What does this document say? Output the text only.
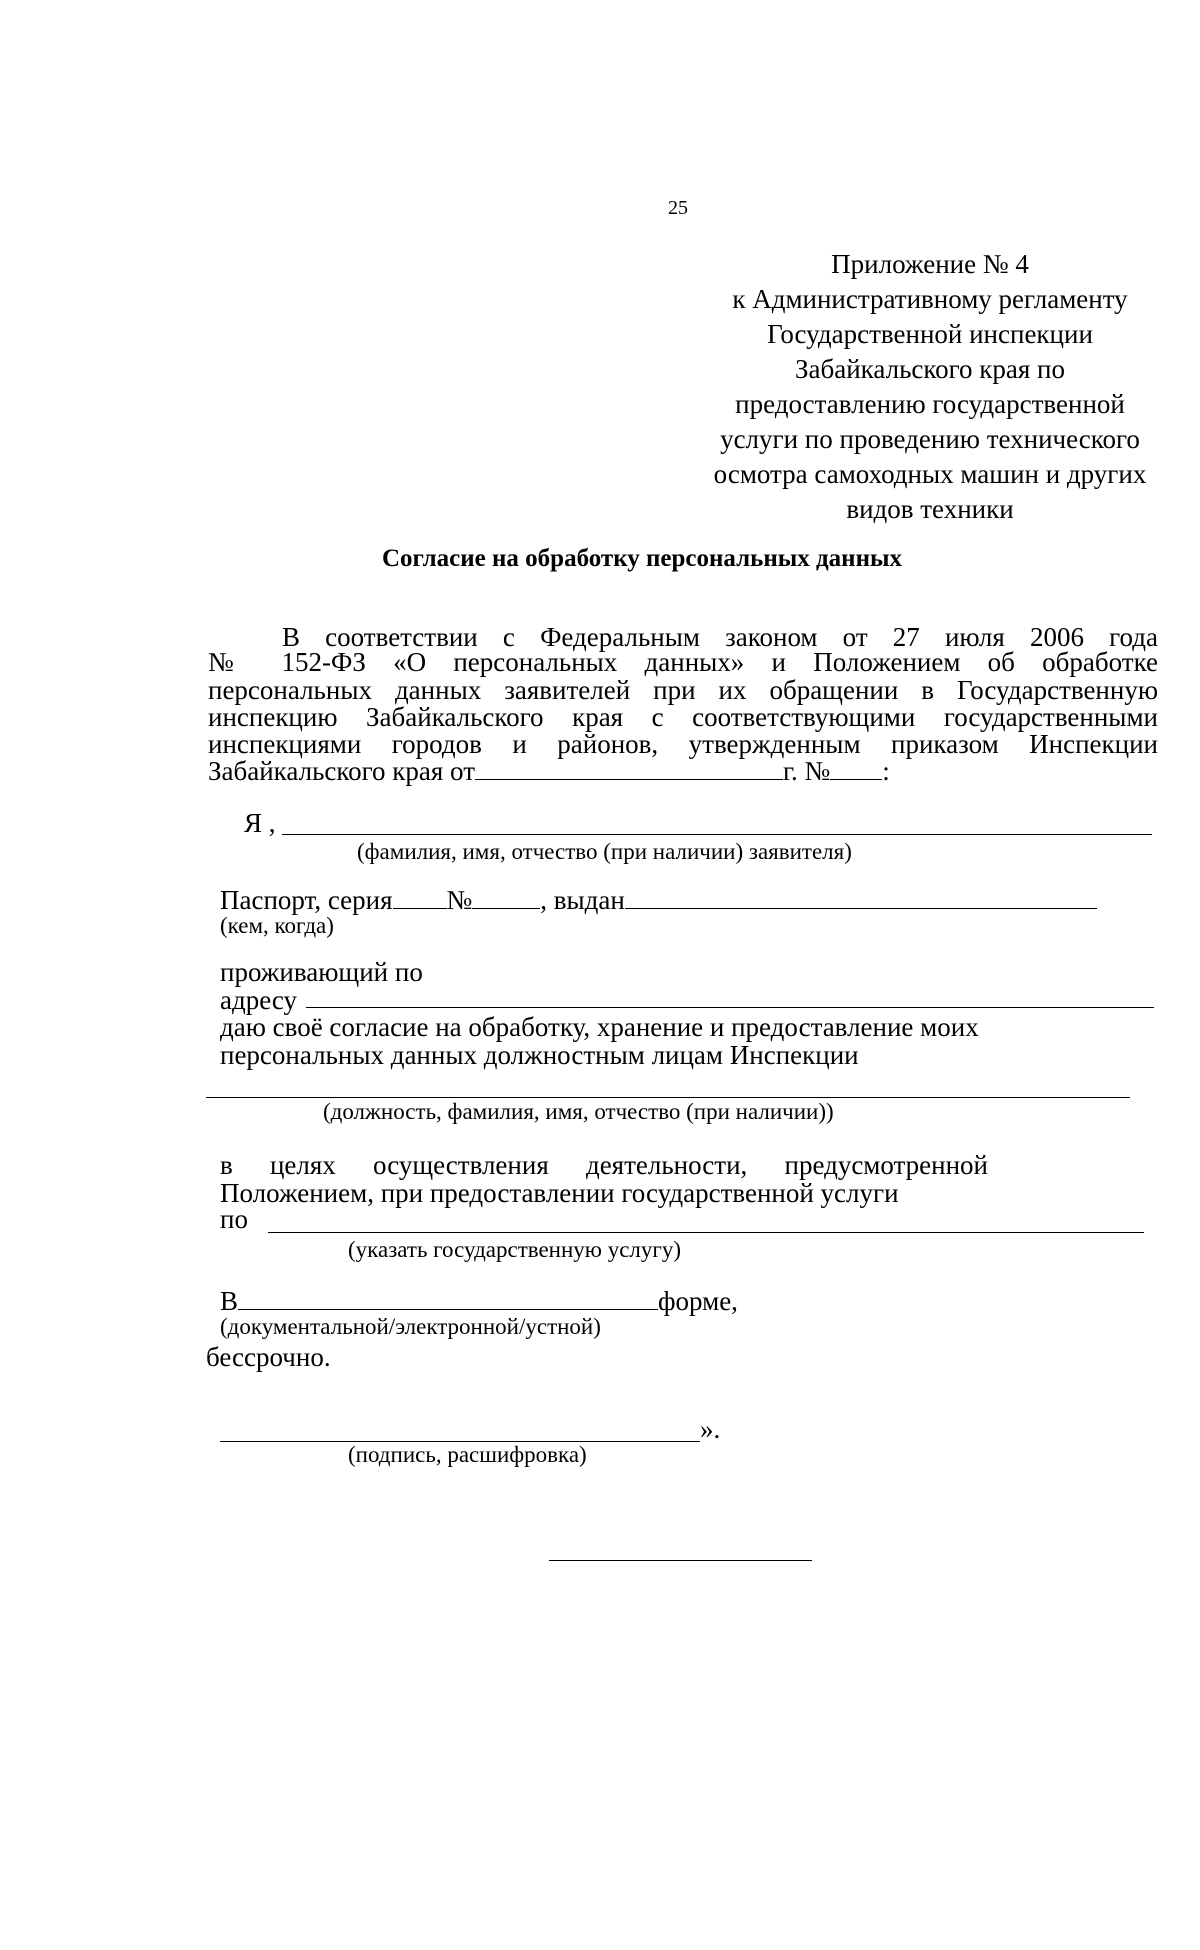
25
Приложение № 4
к Административному регламенту
Государственной инспекции
Забайкальского края по
предоставлению государственной
услуги по проведению технического
осмотра самоходных машин и других
видов техники
Согласие на обработку персональных данных
В соответствии с Федеральным законом от 27 июля 2006 года
№ 152-ФЗ «О персональных данных» и Положением об обработке
персональных данных заявителей при их обращении в Государственную
инспекцию Забайкальского края с соответствующими государственными
инспекциями городов и районов, утвержденным приказом Инспекции
Забайкальского края от	г. № :
Я ,
(фамилия, имя, отчество (при наличии) заявителя)
Паспорт, серия №	, выдан
(кем, когда)
проживающий по
адресу
даю своё согласие на обработку, хранение и предоставление моих
персональных данных должностным лицам Инспекции
(должность, фамилия, имя, отчество (при наличии))
в целях осуществления деятельности, предусмотренной
Положением, при предоставлении государственной услуги
по
(указать государственную услугу)
В	форме,
(документальной/электронной/устной)
бессрочно.
».
(подпись, расшифровка)
